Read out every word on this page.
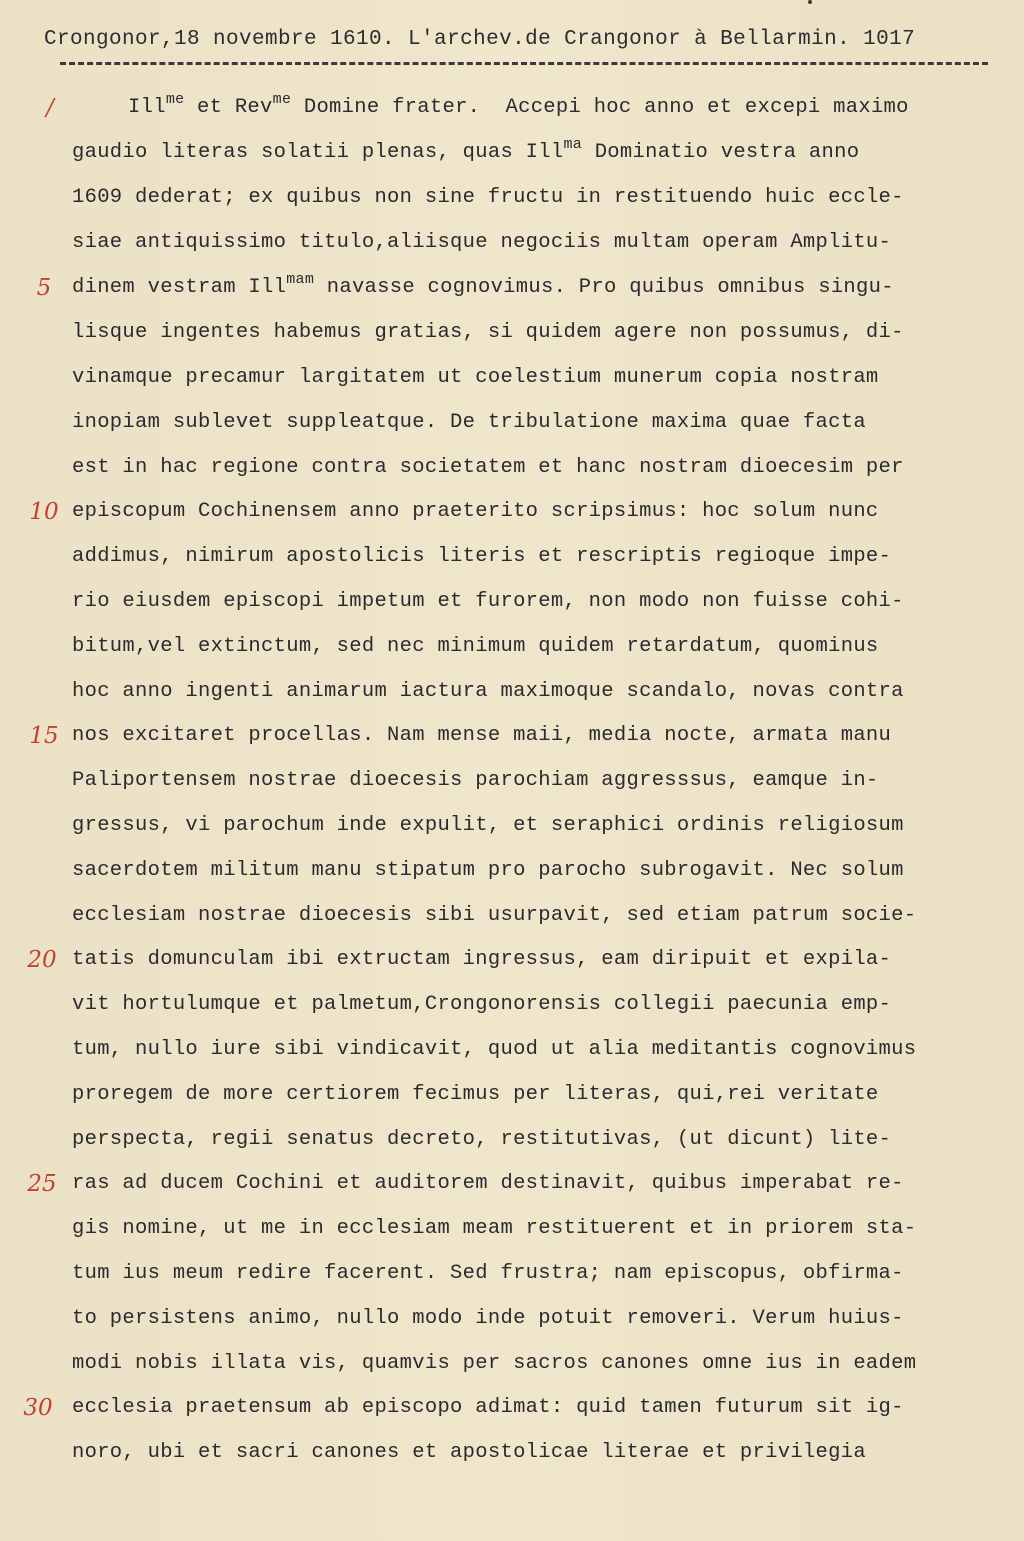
Crongonor,18 novembre 1610. L'archev.de Crangonor à Bellarmin. 1017
/
5
10
15
20
25
30
Ill$^{me}$ et Rev$^{me}$ Domine frater.  Accepi hoc anno et excepi maximo
gaudio literas solatii plenas, quas Ill$^{ma}$ Dominatio vestra anno
1609 dederat; ex quibus non sine fructu in restituendo huic eccle-
siae antiquissimo titulo,aliisque negociis multam operam Amplitu-
dinem vestram Ill$^{mam}$ navasse cognovimus. Pro quibus omnibus singu-
lisque ingentes habemus gratias, si quidem agere non possumus, di-
vinamque precamur largitatem ut coelestium munerum copia nostram
inopiam sublevet suppleatque. De tribulatione maxima quae facta
est in hac regione contra societatem et hanc nostram dioecesim per
episcopum Cochinensem anno praeterito scripsimus: hoc solum nunc
addimus, nimirum apostolicis literis et rescriptis regioque impe-
rio eiusdem episcopi impetum et furorem, non modo non fuisse cohi-
bitum,vel extinctum, sed nec minimum quidem retardatum, quominus
hoc anno ingenti animarum iactura maximoque scandalo, novas contra
nos excitaret procellas. Nam mense maii, media nocte, armata manu
Paliportensem nostrae dioecesis parochiam aggresssus, eamque in-
gressus, vi parochum inde expulit, et seraphici ordinis religiosum
sacerdotem militum manu stipatum pro parocho subrogavit. Nec solum
ecclesiam nostrae dioecesis sibi usurpavit, sed etiam patrum socie-
tatis domunculam ibi extructam ingressus, eam diripuit et expila-
vit hortulumque et palmetum,Crongonorensis collegii paecunia emp-
tum, nullo iure sibi vindicavit, quod ut alia meditantis cognovimus
proregem de more certiorem fecimus per literas, qui,rei veritate
perspecta, regii senatus decreto, restitutivas, (ut dicunt) lite-
ras ad ducem Cochini et auditorem destinavit, quibus imperabat re-
gis nomine, ut me in ecclesiam meam restituerent et in priorem sta-
tum ius meum redire facerent. Sed frustra; nam episcopus, obfirma-
to persistens animo, nullo modo inde potuit removeri. Verum huius-
modi nobis illata vis, quamvis per sacros canones omne ius in eadem
ecclesia praetensum ab episcopo adimat: quid tamen futurum sit ig-
noro, ubi et sacri canones et apostolicae literae et privilegia
